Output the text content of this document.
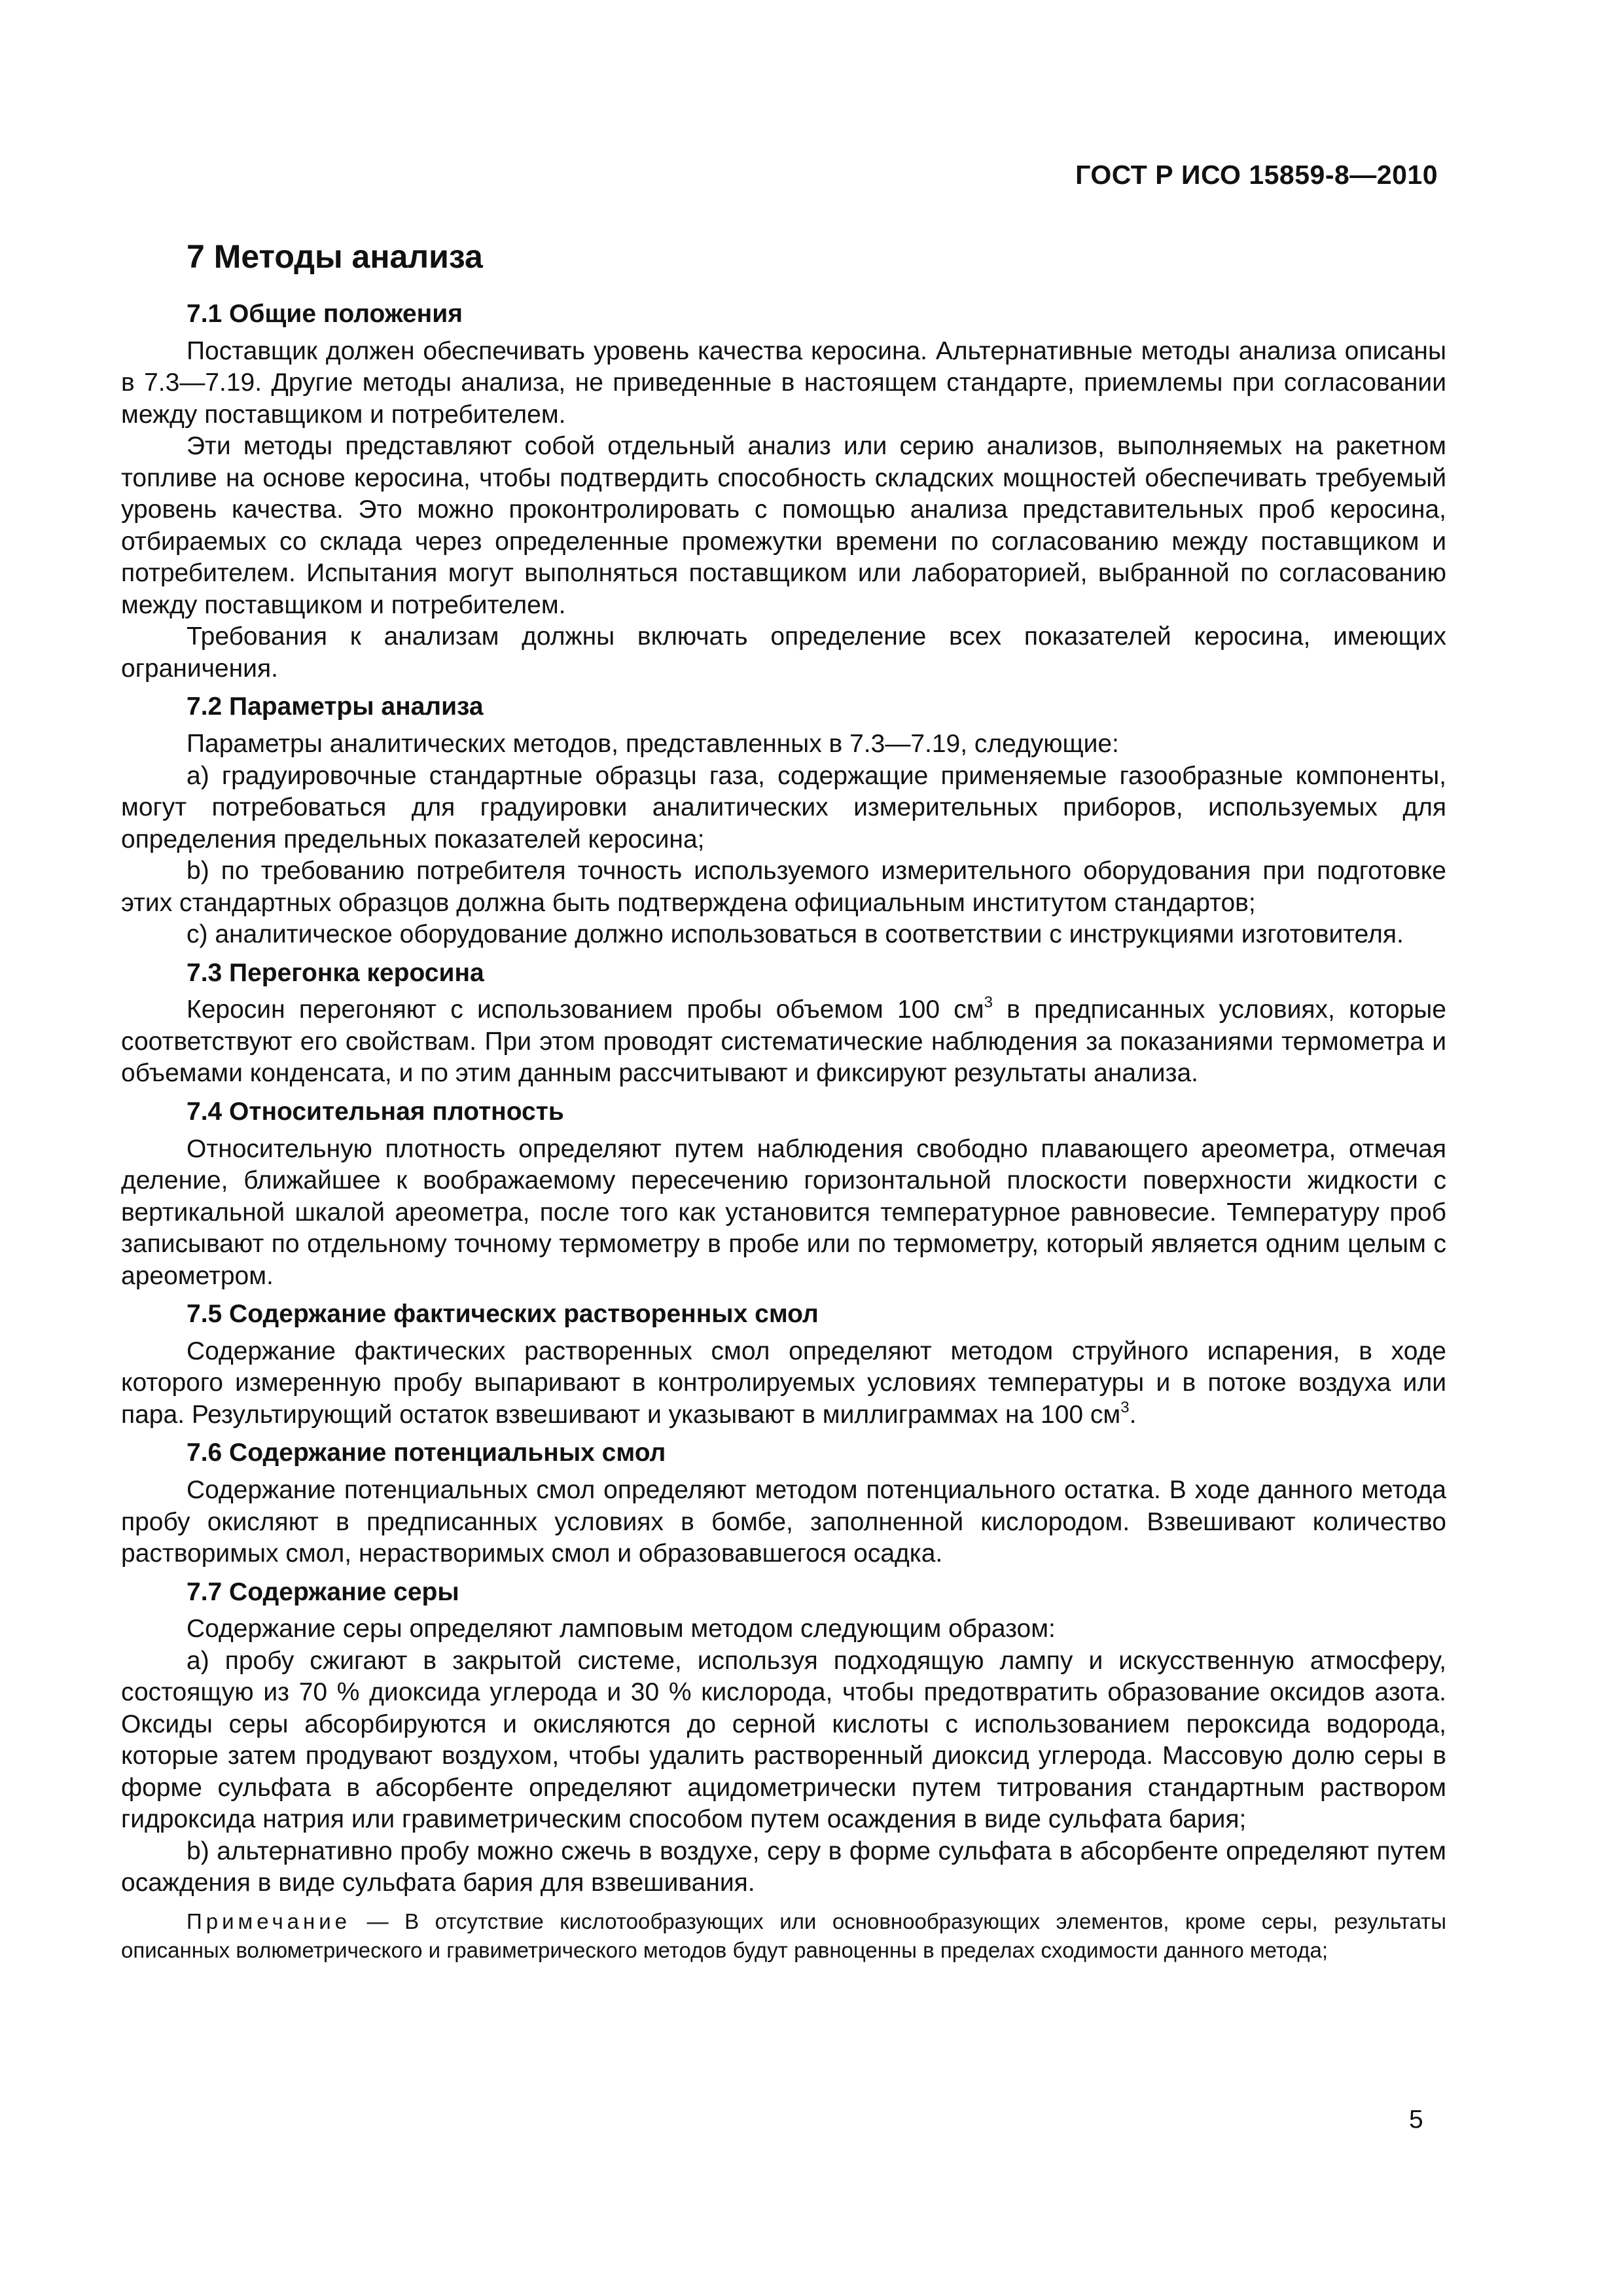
ГОСТ Р ИСО 15859-8—2010
7 Методы анализа
7.1 Общие положения

Поставщик должен обеспечивать уровень качества керосина. Альтернативные методы анализа описаны в 7.3—7.19. Другие методы анализа, не приведенные в настоящем стандарте, приемлемы при согласовании между поставщиком и потребителем.

Эти методы представляют собой отдельный анализ или серию анализов, выполняемых на ракетном топливе на основе керосина, чтобы подтвердить способность складских мощностей обеспечивать требуемый уровень качества. Это можно проконтролировать с помощью анализа представительных проб керосина, отбираемых со склада через определенные промежутки времени по согласованию между поставщиком и потребителем. Испытания могут выполняться поставщиком или лабораторией, выбранной по согласованию между поставщиком и потребителем.

Требования к анализам должны включать определение всех показателей керосина, имеющих ограничения.

7.2 Параметры анализа

Параметры аналитических методов, представленных в 7.3—7.19, следующие:

a) градуировочные стандартные образцы газа, содержащие применяемые газообразные компоненты, могут потребоваться для градуировки аналитических измерительных приборов, используемых для определения предельных показателей керосина;

b) по требованию потребителя точность используемого измерительного оборудования при подготовке этих стандартных образцов должна быть подтверждена официальным институтом стандартов;

c) аналитическое оборудование должно использоваться в соответствии с инструкциями изготовителя.

7.3 Перегонка керосина

Керосин перегоняют с использованием пробы объемом 100 $см^3$ в предписанных условиях, которые соответствуют его свойствам. При этом проводят систематические наблюдения за показаниями термометра и объемами конденсата, и по этим данным рассчитывают и фиксируют результаты анализа.

7.4 Относительная плотность

Относительную плотность определяют путем наблюдения свободно плавающего ареометра, отмечая деление, ближайшее к воображаемому пересечению горизонтальной плоскости поверхности жидкости с вертикальной шкалой ареометра, после того как установится температурное равновесие. Температуру проб записывают по отдельному точному термометру в пробе или по термометру, который является одним целым с ареометром.

7.5 Содержание фактических растворенных смол

Содержание фактических растворенных смол определяют методом струйного испарения, в ходе которого измеренную пробу выпаривают в контролируемых условиях температуры и в потоке воздуха или пара. Результирующий остаток взвешивают и указывают в миллиграммах на 100 $см^3$.

7.6 Содержание потенциальных смол

Содержание потенциальных смол определяют методом потенциального остатка. В ходе данного метода пробу окисляют в предписанных условиях в бомбе, заполненной кислородом. Взвешивают количество растворимых смол, нерастворимых смол и образовавшегося осадка.

7.7 Содержание серы

Содержание серы определяют ламповым методом следующим образом:

a) пробу сжигают в закрытой системе, используя подходящую лампу и искусственную атмосферу, состоящую из 70 % диоксида углерода и 30 % кислорода, чтобы предотвратить образование оксидов азота. Оксиды серы абсорбируются и окисляются до серной кислоты с использованием пероксида водорода, которые затем продувают воздухом, чтобы удалить растворенный диоксид углерода. Массовую долю серы в форме сульфата в абсорбенте определяют ацидометрически путем титрования стандартным раствором гидроксида натрия или гравиметрическим способом путем осаждения в виде сульфата бария;

b) альтернативно пробу можно сжечь в воздухе, серу в форме сульфата в абсорбенте определяют путем осаждения в виде сульфата бария для взвешивания.

Примечание — В отсутствие кислотообразующих или основнообразующих элементов, кроме серы, результаты описанных волюметрического и гравиметрического методов будут равноценны в пределах сходимости данного метода;

5
